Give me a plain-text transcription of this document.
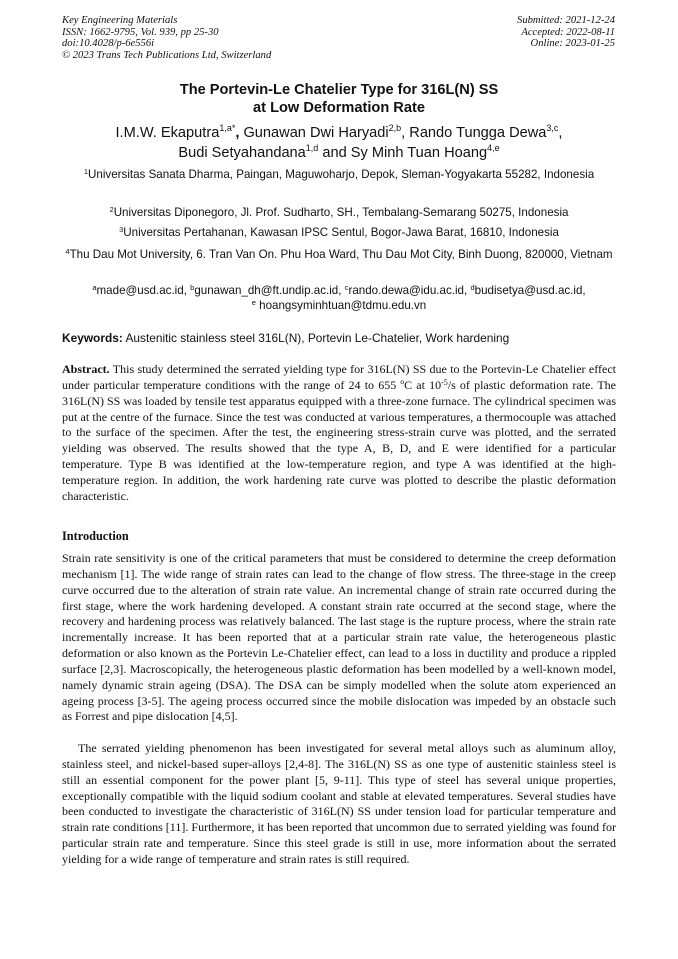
Key Engineering Materials
ISSN: 1662-9795, Vol. 939, pp 25-30
doi:10.4028/p-6e556i
© 2023 Trans Tech Publications Ltd, Switzerland
Submitted: 2021-12-24
Accepted: 2022-08-11
Online: 2023-01-25
The Portevin-Le Chatelier Type for 316L(N) SS
at Low Deformation Rate
I.M.W. Ekaputra$^{1,a*}$, Gunawan Dwi Haryadi$^{2,b}$, Rando Tungga Dewa$^{3,c}$,
Budi Setyahandana$^{1,d}$ and Sy Minh Tuan Hoang$^{4,e}$
$^1$Universitas Sanata Dharma, Paingan, Maguwoharjo, Depok, Sleman-Yogyakarta 55282, Indonesia
$^2$Universitas Diponegoro, Jl. Prof. Sudharto, SH., Tembalang-Semarang 50275, Indonesia
$^3$Universitas Pertahanan, Kawasan IPSC Sentul, Bogor-Jawa Barat, 16810, Indonesia
$^4$Thu Dau Mot University, 6. Tran Van On. Phu Hoa Ward, Thu Dau Mot City, Binh Duong, 820000, Vietnam
$^a$made@usd.ac.id, $^b$gunawan_dh@ft.undip.ac.id, $^c$rando.dewa@idu.ac.id, $^d$budisetya@usd.ac.id,
$^e$ hoangsyminhtuan@tdmu.edu.vn
Keywords: Austenitic stainless steel 316L(N), Portevin Le-Chatelier, Work hardening

Abstract. This study determined the serrated yielding type for 316L(N) SS due to the Portevin-Le Chatelier effect under particular temperature conditions with the range of 24 to 655 ºC at $10^{-5}/s$ of plastic deformation rate. The 316L(N) SS was loaded by tensile test apparatus equipped with a three-zone furnace. The cylindrical specimen was put at the centre of the furnace. Since the test was conducted at various temperatures, a thermocouple was attached to the surface of the specimen. After the test, the engineering stress-strain curve was plotted, and the serrated yielding was observed. The results showed that the type A, B, D, and E were identified for a particular temperature. Type B was identified at the low-temperature region, and type A was identified at the high-temperature region. In addition, the work hardening rate curve was plotted to describe the plastic deformation characteristic.

Introduction

Strain rate sensitivity is one of the critical parameters that must be considered to determine the creep deformation mechanism [1]. The wide range of strain rates can lead to the change of flow stress. The three-stage in the creep curve occurred due to the alteration of strain rate value. An incremental change of strain rate occurred during the first stage, where the work hardening developed. A constant strain rate occurred at the second stage, where the recovery and hardening process was relatively balanced. The last stage is the rupture process, where the strain rate incrementally increase. It has been reported that at a particular strain rate value, the heterogeneous plastic deformation or also known as the Portevin Le-Chatelier effect, can lead to a loss in ductility and produce a rippled surface [2,3]. Macroscopically, the heterogeneous plastic deformation has been modelled by a well-known model, namely dynamic strain ageing (DSA). The DSA can be simply modelled when the solute atom experienced an ageing process [3-5]. The ageing process occurred since the mobile dislocation was impeded by an obstacle such as Forrest and pipe dislocation [4,5].

The serrated yielding phenomenon has been investigated for several metal alloys such as aluminum alloy, stainless steel, and nickel-based super-alloys [2,4-8]. The 316L(N) SS as one type of austenitic stainless steel is still an essential component for the power plant [5, 9-11]. This type of steel has several unique properties, exceptionally compatible with the liquid sodium coolant and stable at elevated temperatures. Several studies have been conducted to investigate the characteristic of 316L(N) SS under tension load for particular temperature and strain rate conditions [11]. Furthermore, it has been reported that uncommon due to serrated yielding was found for particular strain rate and temperature. Since this steel grade is still in use, more information about the serrated yielding for a wide range of temperature and strain rates is still required.
